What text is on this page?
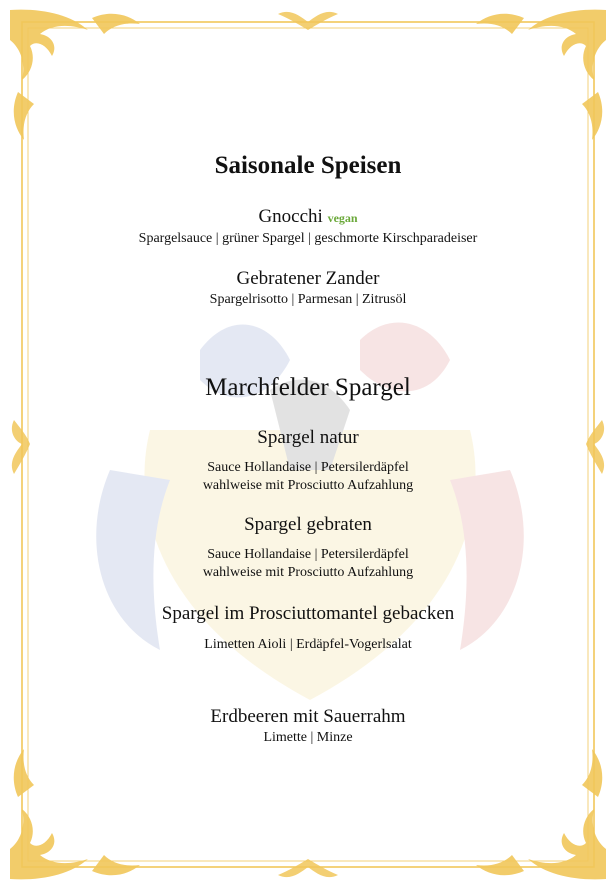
Saisonale Speisen
Gnocchi vegan
Spargelsauce | grüner Spargel | geschmorte Kirschparadeiser
Gebratener Zander
Spargelrisotto | Parmesan | Zitrusöl
Marchfelder Spargel
Spargel natur
Sauce Hollandaise | Petersilerdäpfel
wahlweise mit Prosciutto Aufzahlung
Spargel gebraten
Sauce Hollandaise | Petersilerdäpfel
wahlweise mit Prosciutto Aufzahlung
Spargel im Prosciuttomantel gebacken
Limetten Aioli | Erdäpfel-Vogerlsalat
Erdbeeren mit Sauerrahm
Limette | Minze
